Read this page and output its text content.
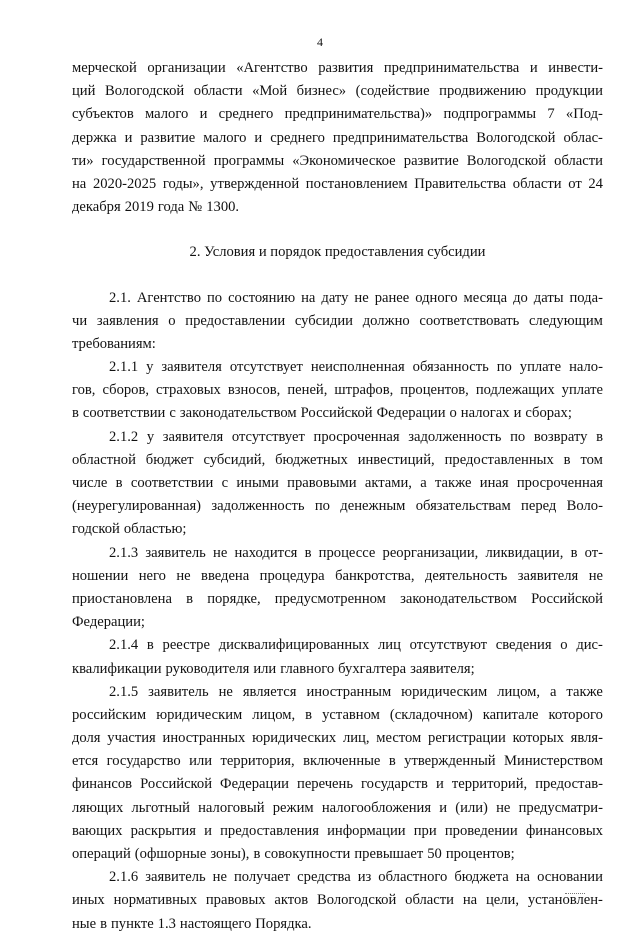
4
мерческой организации «Агентство развития предпринимательства и инвести-
ций Вологодской области «Мой бизнес» (содействие продвижению продукции
субъектов малого и среднего предпринимательства)» подпрограммы 7 «Под-
держка и развитие малого и среднего предпринимательства Вологодской облас-
ти» государственной программы «Экономическое развитие Вологодской области
на 2020-2025 годы», утвержденной постановлением Правительства области от 24
декабря 2019 года № 1300.
2. Условия и порядок предоставления субсидии
2.1. Агентство по состоянию на дату не ранее одного месяца до даты пода-
чи заявления о предоставлении субсидии должно соответствовать следующим
требованиям:
2.1.1 у заявителя отсутствует неисполненная обязанность по уплате нало-
гов, сборов, страховых взносов, пеней, штрафов, процентов, подлежащих уплате
в соответствии с законодательством Российской Федерации о налогах и сборах;
2.1.2 у заявителя отсутствует просроченная задолженность по возврату в
областной бюджет субсидий, бюджетных инвестиций, предоставленных в том
числе в соответствии с иными правовыми актами, а также иная просроченная
(неурегулированная) задолженность по денежным обязательствам перед Воло-
годской областью;
2.1.3 заявитель не находится в процессе реорганизации, ликвидации, в от-
ношении него не введена процедура банкротства, деятельность заявителя не
приостановлена в порядке, предусмотренном законодательством Российской
Федерации;
2.1.4 в реестре дисквалифицированных лиц отсутствуют сведения о дис-
квалификации руководителя или главного бухгалтера заявителя;
2.1.5 заявитель не является иностранным юридическим лицом, а также
российским юридическим лицом, в уставном (складочном) капитале которого
доля участия иностранных юридических лиц, местом регистрации которых явля-
ется государство или территория, включенные в утвержденный Министерством
финансов Российской Федерации перечень государств и территорий, предостав-
ляющих льготный налоговый режим налогообложения и (или) не предусматри-
вающих раскрытия и предоставления информации при проведении финансовых
операций (офшорные зоны), в совокупности превышает 50 процентов;
2.1.6 заявитель не получает средства из областного бюджета на основании
иных нормативных правовых актов Вологодской области на цели, установлен-
ные в пункте 1.3 настоящего Порядка.
